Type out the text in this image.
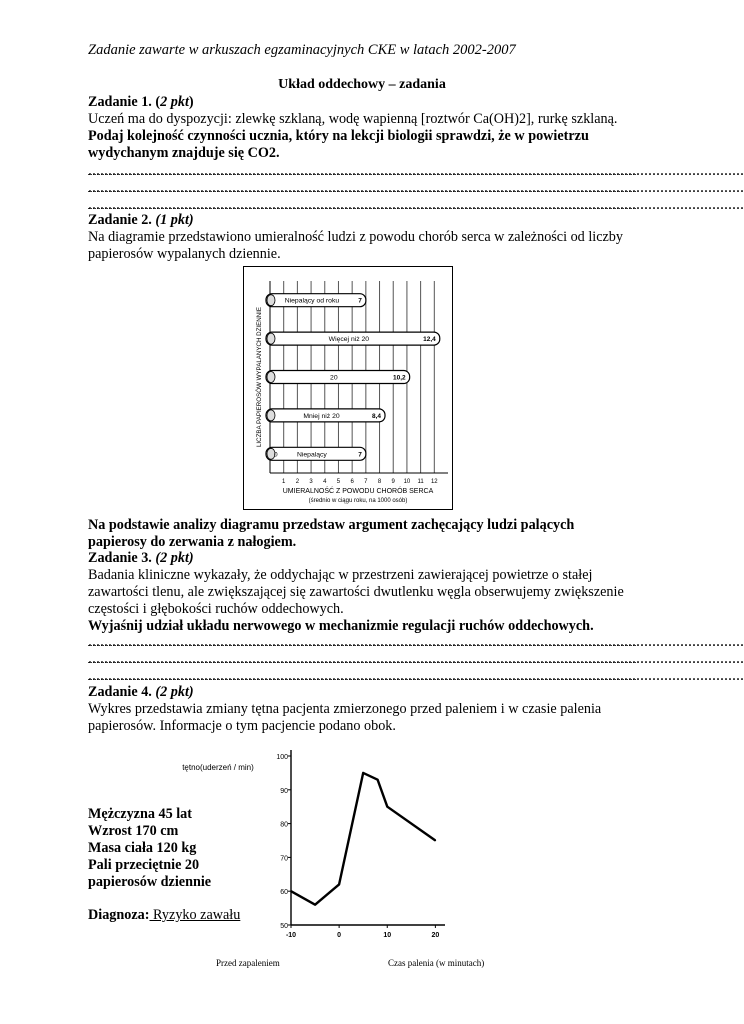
Zadanie zawarte w arkuszach egzaminacyjnych CKE w latach 2002-2007
Układ oddechowy – zadania
Zadanie 1. (2 pkt)
Uczeń ma do dyspozycji: zlewkę szklaną, wodę wapienną [roztwór Ca(OH)2], rurkę szklaną.
Podaj kolejność czynności ucznia, który na lekcji biologii sprawdzi, że w powietrzu wydychanym znajduje się CO2.
....................................................................................................................................................................
....................................................................................................................................................................
....................................................................................................................................................................
Zadanie 2. (1 pkt)
Na diagramie przedstawiono umieralność ludzi z powodu chorób serca w zależności od liczby papierosów wypalanych dziennie.
1 2 3 4 5 6 7 8 9 10 11 12
LICZBA PAPIEROSÓW WYPALANYCH DZIENNIE
UMIERALNOŚĆ Z POWODU CHORÓB SERCA
(średnio w ciągu roku, na 1000 osób)
Niepalący od roku	7
Więcej niż 20	12,4
20	10,2
Mniej niż 20	8,4
Niepalący	7
0
Na podstawie analizy diagramu przedstaw argument zachęcający ludzi palących papierosy do zerwania z nałogiem.
Zadanie 3. (2 pkt)
Badania kliniczne wykazały, że oddychając w przestrzeni zawierającej powietrze o stałej zawartości tlenu, ale zwiększającej się zawartości dwutlenku węgla obserwujemy zwiększenie częstości i głębokości ruchów oddechowych.
Wyjaśnij udział układu nerwowego w mechanizmie regulacji ruchów oddechowych.
....................................................................................................................................................................
....................................................................................................................................................................
....................................................................................................................................................................
Zadanie 4. (2 pkt)
Wykres przedstawia zmiany tętna pacjenta zmierzonego przed paleniem i w czasie palenia papierosów. Informacje o tym pacjencie podano obok.
Mężczyzna 45 lat
Wzrost 170 cm
Masa ciała 120 kg
Pali przeciętnie 20
papierosów dziennie
Diagnoza: Ryzyko zawału
50
60
70
80
90
100
-10	0	10	20
tętno(uderzeń / min)
Przed zapaleniem	Czas palenia (w minutach)
